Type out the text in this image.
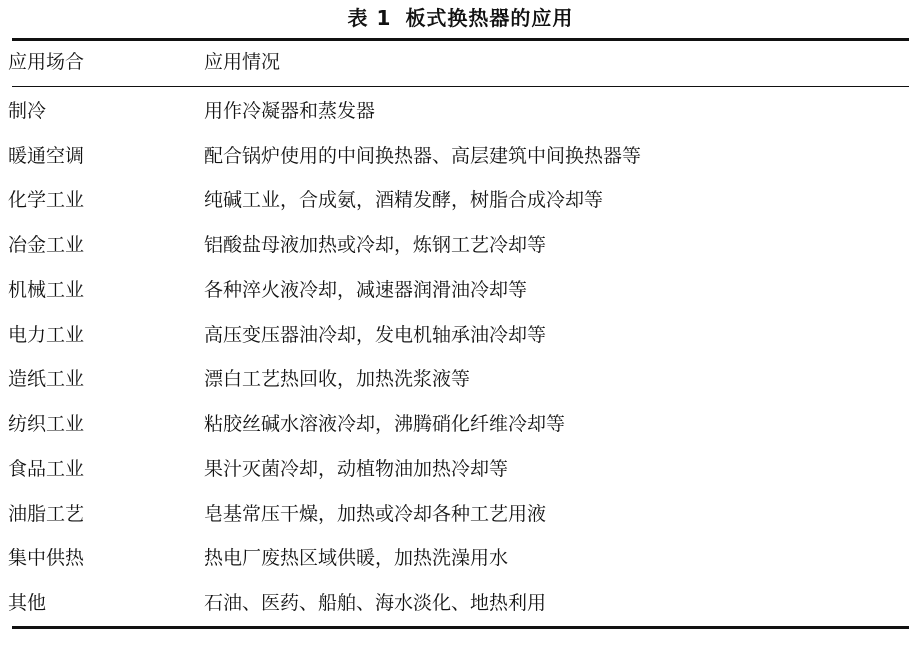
表 1 板式换热器的应用
应用场合	应用情况
制冷	用作冷凝器和蒸发器
暖通空调	配合锅炉使用的中间换热器、高层建筑中间换热器等
化学工业	纯碱工业，合成氨，酒精发酵，树脂合成冷却等
冶金工业	铝酸盐母液加热或冷却，炼钢工艺冷却等
机械工业	各种淬火液冷却，减速器润滑油冷却等
电力工业	高压变压器油冷却，发电机轴承油冷却等
造纸工业	漂白工艺热回收，加热洗浆液等
纺织工业	粘胶丝碱水溶液冷却，沸腾硝化纤维冷却等
食品工业	果汁灭菌冷却，动植物油加热冷却等
油脂工艺	皂基常压干燥，加热或冷却各种工艺用液
集中供热	热电厂废热区域供暖，加热洗澡用水
其他	石油、医药、船舶、海水淡化、地热利用
